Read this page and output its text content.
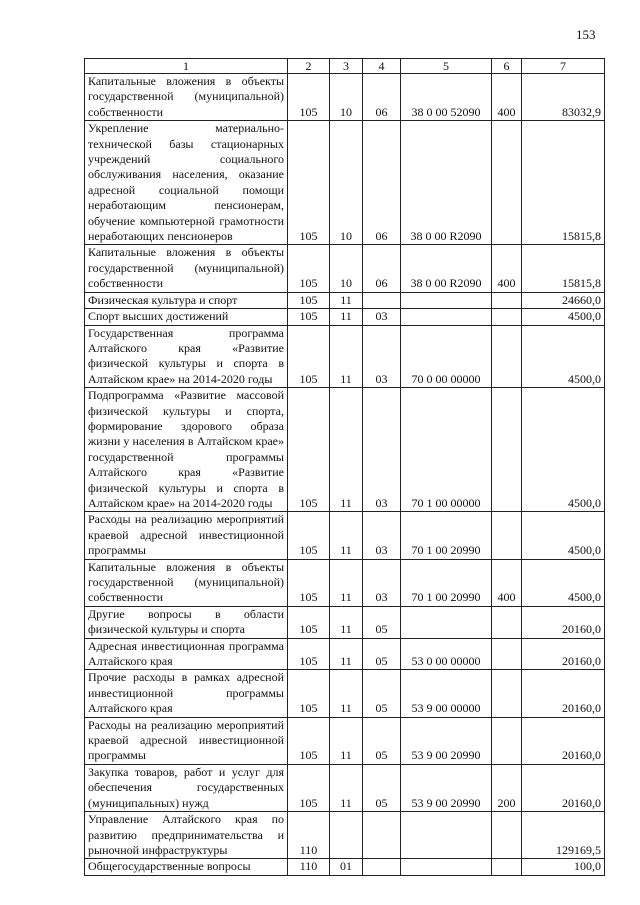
153
1	2	3	4	5	6	7
Капитальные вложения в объекты государственной (муниципальной) собственности	105	10	06	38 0 00 52090	400	83032,9
Укрепление материально-технической базы стационарных учреждений социального обслуживания населения, оказание адресной социальной помощи неработающим пенсионерам, обучение компьютерной грамотности неработающих пенсионеров	105	10	06	38 0 00 R2090		15815,8
Капитальные вложения в объекты государственной (муниципальной) собственности	105	10	06	38 0 00 R2090	400	15815,8
Физическая культура и спорт	105	11				24660,0
Спорт высших достижений	105	11	03			4500,0
Государственная программа Алтайского края «Развитие физической культуры и спорта в Алтайском крае» на 2014-2020 годы	105	11	03	70 0 00 00000		4500,0
Подпрограмма «Развитие массовой физической культуры и спорта, формирование здорового образа жизни у населения в Алтайском крае» государственной программы Алтайского края «Развитие физической культуры и спорта в Алтайском крае» на 2014-2020 годы	105	11	03	70 1 00 00000		4500,0
Расходы на реализацию мероприятий краевой адресной инвестиционной программы	105	11	03	70 1 00 20990		4500,0
Капитальные вложения в объекты государственной (муниципальной) собственности	105	11	03	70 1 00 20990	400	4500,0
Другие вопросы в области физической культуры и спорта	105	11	05			20160,0
Адресная инвестиционная программа Алтайского края	105	11	05	53 0 00 00000		20160,0
Прочие расходы в рамках адресной инвестиционной программы Алтайского края	105	11	05	53 9 00 00000		20160,0
Расходы на реализацию мероприятий краевой адресной инвестиционной программы	105	11	05	53 9 00 20990		20160,0
Закупка товаров, работ и услуг для обеспечения государственных (муниципальных) нужд	105	11	05	53 9 00 20990	200	20160,0
Управление Алтайского края по развитию предпринимательства и рыночной инфраструктуры	110					129169,5
Общегосударственные вопросы	110	01				100,0
